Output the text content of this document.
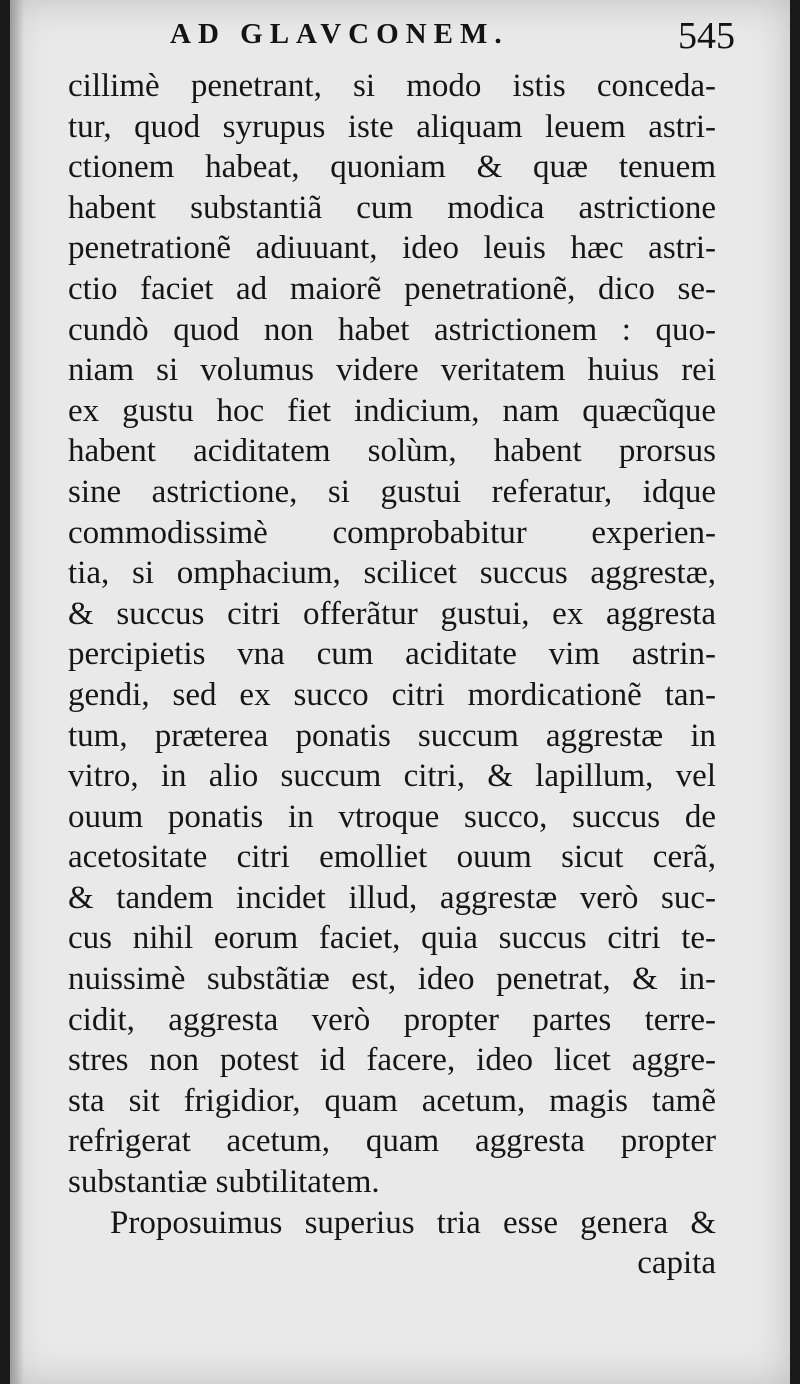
AD GLAVCONEM.	545
cillimè penetrant, si modo istis conceda-
tur, quod syrupus iste aliquam leuem astri-
ctionem habeat, quoniam & quæ tenuem
habent substantiã cum modica astrictione
penetrationẽ adiuuant, ideo leuis hæc astri-
ctio faciet ad maiorẽ penetrationẽ, dico se-
cundò quod non habet astrictionem : quo-
niam si volumus videre veritatem huius rei
ex gustu hoc fiet indicium, nam quæcũque
habent aciditatem solùm, habent prorsus
sine astrictione, si gustui referatur, idque
commodissimè comprobabitur experien-
tia, si omphacium, scilicet succus aggrestæ,
& succus citri offerãtur gustui, ex aggresta
percipietis vna cum aciditate vim astrin-
gendi, sed ex succo citri mordicationẽ tan-
tum, præterea ponatis succum aggrestæ in
vitro, in alio succum citri, & lapillum, vel
ouum ponatis in vtroque succo, succus de
acetositate citri emolliet ouum sicut cerã,
& tandem incidet illud, aggrestæ verò suc-
cus nihil eorum faciet, quia succus citri te-
nuissimè substãtiæ est, ideo penetrat, & in-
cidit, aggresta verò propter partes terre-
stres non potest id facere, ideo licet aggre-
sta sit frigidior, quam acetum, magis tamẽ
refrigerat acetum, quam aggresta propter
substantiæ subtilitatem.
Proposuimus superius tria esse genera &
capita
